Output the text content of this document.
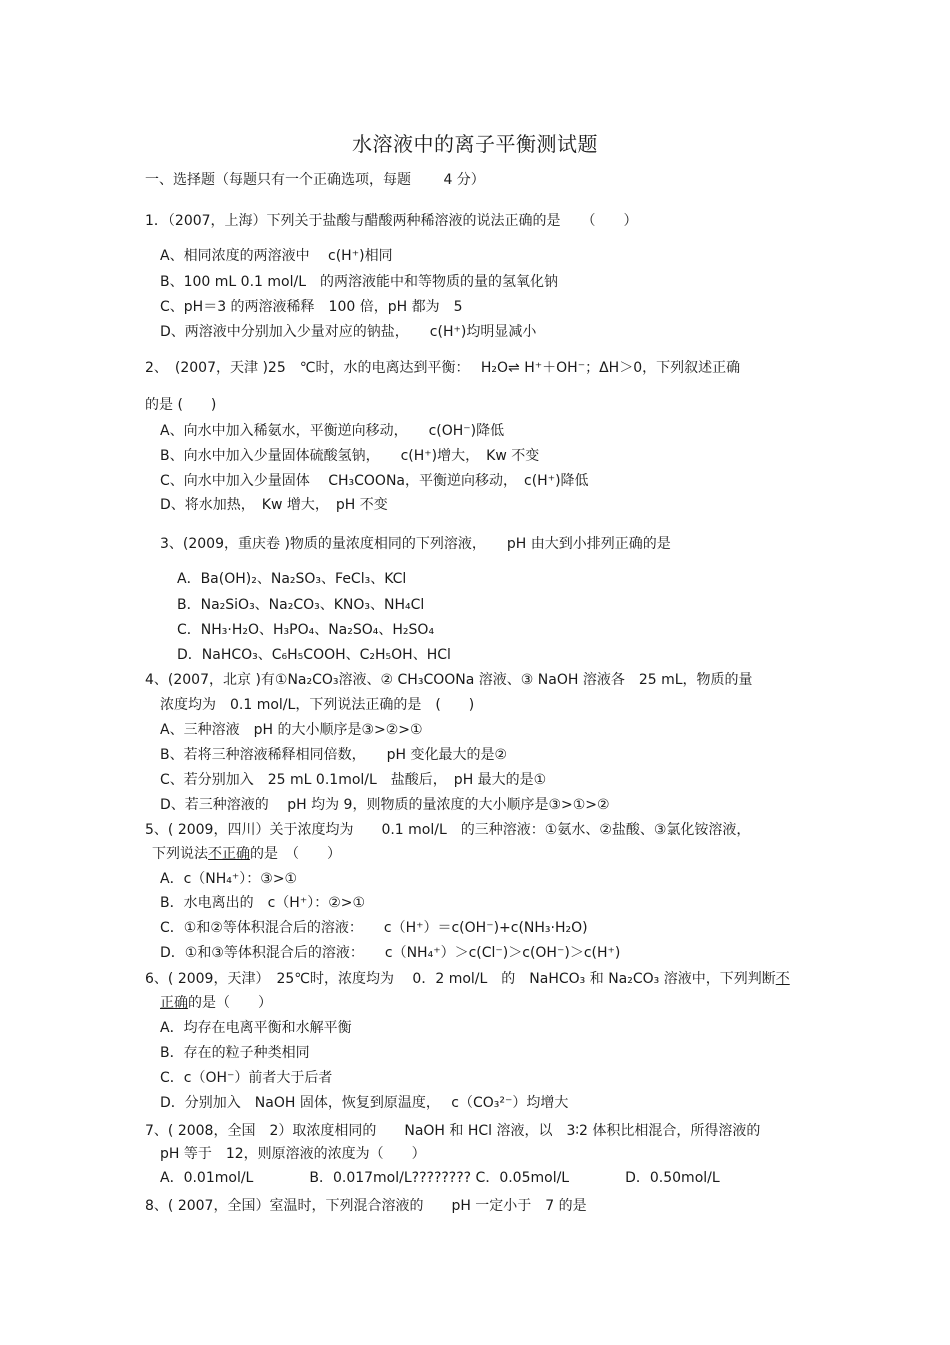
水溶液中的离子平衡测试题
一、选择题（每题只有一个正确选项，每题　　 4 分）
1．（2007，上海）下列关于盐酸与醋酸两种稀溶液的说法正确的是　　（　　）
A、相同浓度的两溶液中　 c(H⁺)相同
B、100 mL 0.1 mol/L　的两溶液能中和等物质的量的氢氧化钠
C、pH＝3 的两溶液稀释　100 倍，pH 都为　5
D、两溶液中分别加入少量对应的钠盐，　　c(H⁺)均明显减小
2、　(2007，天津 )25　℃时，水的电离达到平衡：　 H₂O⇌ H⁺＋OH⁻；ΔH＞0，下列叙述正确
的是 (　　)
A、向水中加入稀氨水，平衡逆向移动，　　c(OH⁻)降低
B、向水中加入少量固体硫酸氢钠，　　c(H⁺)增大，　Kw 不变
C、向水中加入少量固体　 CH₃COONa，平衡逆向移动，　c(H⁺)降低
D、将水加热，　Kw 增大，　pH 不变
3、(2009，重庆卷 )物质的量浓度相同的下列溶液，　　pH 由大到小排列正确的是
A．Ba(OH)₂、Na₂SO₃、FeCl₃、KCl
B．Na₂SiO₃、Na₂CO₃、KNO₃、NH₄Cl
C．NH₃·H₂O、H₃PO₄、Na₂SO₄、H₂SO₄
D．NaHCO₃、C₆H₅COOH、C₂H₅OH、HCl
4、(2007，北京 )有①Na₂CO₃溶液、② CH₃COONa 溶液、③ NaOH 溶液各　25 mL，物质的量
浓度均为　0.1 mol/L，下列说法正确的是　(　　)
A、三种溶液　pH 的大小顺序是③>②>①
B、若将三种溶液稀释相同倍数，　　pH 变化最大的是②
C、若分别加入　25 mL 0.1mol/L　盐酸后，　pH 最大的是①
D、若三种溶液的　 pH 均为 9，则物质的量浓度的大小顺序是③>①>②
5、( 2009，四川）关于浓度均为　　0.1 mol/L　的三种溶液：①氨水、②盐酸、③氯化铵溶液，
下列说法不正确的是　（　　）
A．c（NH₄⁺）：③>①
B．水电离出的　c（H⁺）：②>①
C．①和②等体积混合后的溶液：　　c（H⁺）＝c(OH⁻)+c(NH₃·H₂O)
D．①和③等体积混合后的溶液：　　c（NH₄⁺）＞c(Cl⁻)＞c(OH⁻)＞c(H⁺)
6、( 2009，天津）　25℃时，浓度均为　 0．2 mol/L　的　NaHCO₃ 和 Na₂CO₃ 溶液中，下列判断不
正确的是（　　）
A．均存在电离平衡和水解平衡
B．存在的粒子种类相同
C．c（OH⁻）前者大于后者
D．分别加入　NaOH 固体，恢复到原温度，　 c（CO₃²⁻）均增大
7、( 2008，全国　2）取浓度相同的　　NaOH 和 HCl 溶液，以　3∶2 体积比相混合，所得溶液的
pH 等于　12，则原溶液的浓度为（　　）
A．0.01mol/L　　　　B．0.017mol/L???????? C．0.05mol/L　　　　D．0.50mol/L
8、( 2007，全国）室温时，下列混合溶液的　　pH 一定小于　7 的是
